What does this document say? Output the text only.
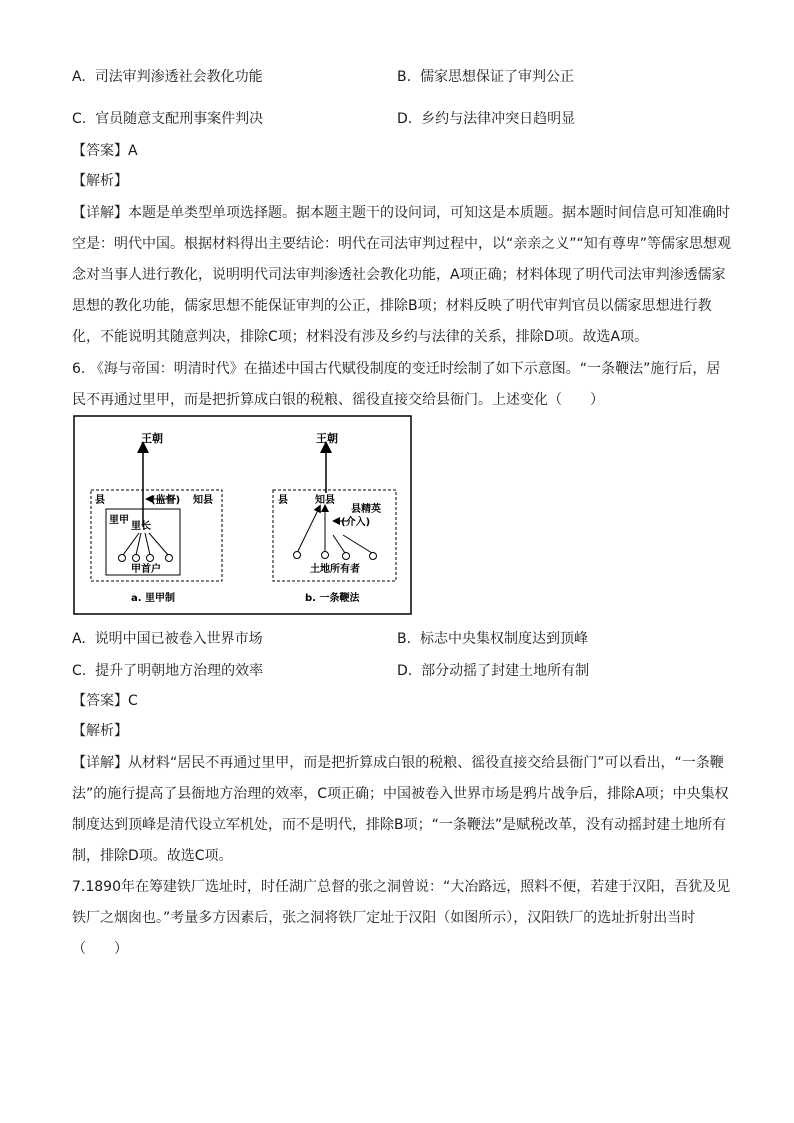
A. 司法审判渗透社会教化功能	B. 儒家思想保证了审判公正
C. 官员随意支配刑事案件判决	D. 乡约与法律冲突日趋明显
【答案】A
【解析】
【详解】本题是单类型单项选择题。据本题主题干的设问词，可知这是本质题。据本题时间信息可知准确时空是：明代中国。根据材料得出主要结论：明代在司法审判过程中，以“亲亲之义”“知有尊卑”等儒家思想观念对当事人进行教化，说明明代司法审判渗透社会教化功能，A项正确；材料体现了明代司法审判渗透儒家思想的教化功能，儒家思想不能保证审判的公正，排除B项；材料反映了明代审判官员以儒家思想进行教化，不能说明其随意判决，排除C项；材料没有涉及乡约与法律的关系，排除D项。故选A项。
6. 《海与帝国：明清时代》在描述中国古代赋役制度的变迁时绘制了如下示意图。“一条鞭法”施行后，居民不再通过里甲，而是把折算成白银的税粮、徭役直接交给县衙门。上述变化（　　）
王朝
县	(监督) 知县
里甲
里长
甲首户
a. 里甲制
王朝
县	知县
县精英
(介入)
土地所有者
b. 一条鞭法
A. 说明中国已被卷入世界市场	B. 标志中央集权制度达到顶峰
C. 提升了明朝地方治理的效率	D. 部分动摇了封建土地所有制
【答案】C
【解析】
【详解】从材料“居民不再通过里甲，而是把折算成白银的税粮、徭役直接交给县衙门”可以看出，“一条鞭法”的施行提高了县衙地方治理的效率，C项正确；中国被卷入世界市场是鸦片战争后，排除A项；中央集权制度达到顶峰是清代设立军机处，而不是明代，排除B项；“一条鞭法”是赋税改革，没有动摇封建土地所有制，排除D项。故选C项。
7.1890年在筹建铁厂选址时，时任湖广总督的张之洞曾说：“大冶路远，照料不便，若建于汉阳，吾犹及见铁厂之烟囱也。”考量多方因素后，张之洞将铁厂定址于汉阳（如图所示），汉阳铁厂的选址折射出当时（　　）
